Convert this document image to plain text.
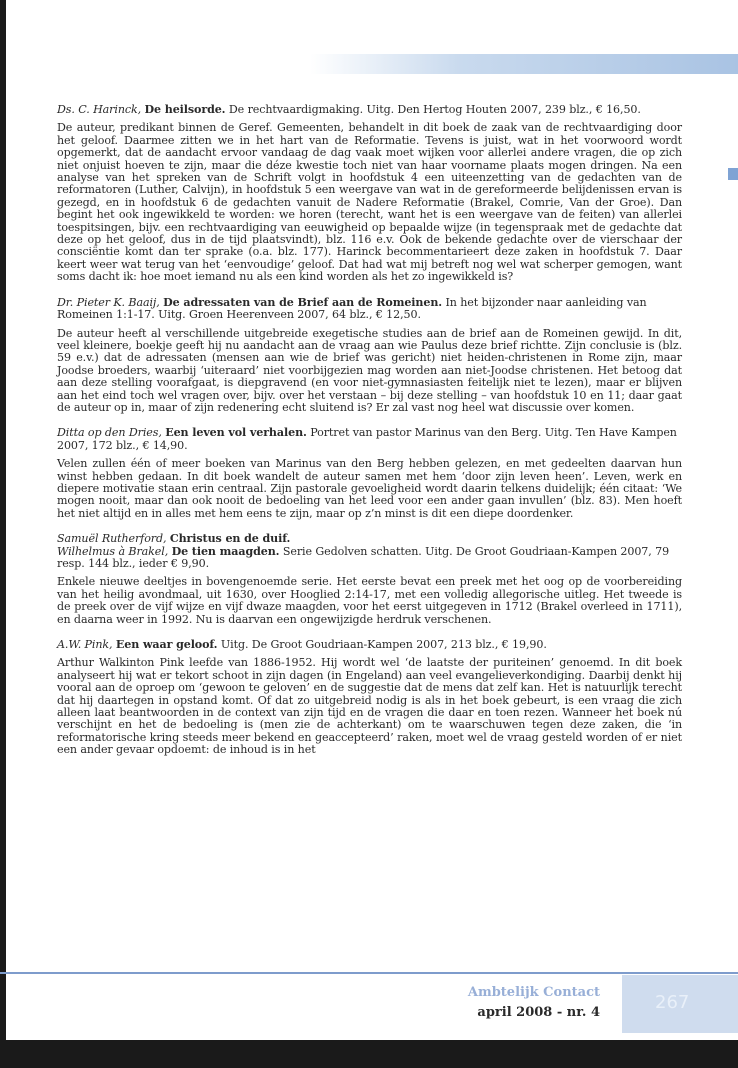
Ds. C. Harinck, De heilsorde. De rechtvaardigmaking. Uitg. Den Hertog Houten 2007, 239 blz., € 16,50.

De auteur, predikant binnen de Geref. Gemeenten, behandelt in dit boek de zaak van de rechtvaardiging door het geloof. Daarmee zitten we in het hart van de Reformatie. Tevens is juist, wat in het voorwoord wordt opgemerkt, dat de aandacht ervoor vandaag de dag vaak moet wijken voor allerlei andere vragen, die op zich niet onjuist hoeven te zijn, maar die déze kwestie toch niet van haar voorname plaats mogen dringen. Na een analyse van het spreken van de Schrift volgt in hoofdstuk 4 een uiteenzetting van de gedachten van de reformatoren (Luther, Calvijn), in hoofdstuk 5 een weergave van wat in de gereformeerde belijdenissen ervan is gezegd, en in hoofdstuk 6 de gedachten vanuit de Nadere Reformatie (Brakel, Comrie, Van der Groe). Dan begint het ook ingewikkeld te worden: we horen (terecht, want het is een weergave van de feiten) van allerlei toespitsingen, bijv. een rechtvaardiging van eeuwigheid op bepaalde wijze (in tegenspraak met de gedachte dat deze op het geloof, dus in de tijd plaatsvindt), blz. 116 e.v. Ook de bekende gedachte over de vierschaar der consciëntie komt dan ter sprake (o.a. blz. 177). Harinck becommentarieert deze zaken in hoofdstuk 7. Daar keert weer wat terug van het ‘eenvoudige’ geloof. Dat had wat mij betreft nog wel wat scherper gemogen, want soms dacht ik: hoe moet iemand nu als een kind worden als het zo ingewikkeld is?

Dr. Pieter K. Baaij, De adressaten van de Brief aan de Romeinen. In het bijzonder naar aanleiding van Romeinen 1:1-17. Uitg. Groen Heerenveen 2007, 64 blz., € 12,50.

De auteur heeft al verschillende uitgebreide exegetische studies aan de brief aan de Romeinen gewijd. In dit, veel kleinere, boekje geeft hij nu aandacht aan de vraag aan wie Paulus deze brief richtte. Zijn conclusie is (blz. 59 e.v.) dat de adressaten (mensen aan wie de brief was gericht) niet heiden-christenen in Rome zijn, maar Joodse broeders, waarbij ‘uiteraard’ niet voorbijgezien mag worden aan niet-Joodse christenen. Het betoog dat aan deze stelling voorafgaat, is diepgravend (en voor niet-gymnasiasten feitelijk niet te lezen), maar er blijven aan het eind toch wel vragen over, bijv. over het verstaan – bij deze stelling – van hoofdstuk 10 en 11; daar gaat de auteur op in, maar of zijn redenering echt sluitend is? Er zal vast nog heel wat discussie over komen.

Ditta op den Dries, Een leven vol verhalen. Portret van pastor Marinus van den Berg. Uitg. Ten Have Kampen 2007, 172 blz., € 14,90.

Velen zullen één of meer boeken van Marinus van den Berg hebben gelezen, en met gedeelten daarvan hun winst hebben gedaan. In dit boek wandelt de auteur samen met hem ‘door zijn leven heen’. Leven, werk en diepere motivatie staan erin centraal. Zijn pastorale gevoeligheid wordt daarin telkens duidelijk; één citaat: ‘We mogen nooit, maar dan ook nooit de bedoeling van het leed voor een ander gaan invullen’ (blz. 83). Men hoeft het niet altijd en in alles met hem eens te zijn, maar op z’n minst is dit een diepe doordenker.

Samuël Rutherford, Christus en de duif.

Wilhelmus à Brakel, De tien maagden. Serie Gedolven schatten. Uitg. De Groot Goudriaan-Kampen 2007, 79 resp. 144 blz., ieder € 9,90.

Enkele nieuwe deeltjes in bovengenoemde serie. Het eerste bevat een preek met het oog op de voorbereiding van het heilig avondmaal, uit 1630, over Hooglied 2:14-17, met een volledig allegorische uitleg. Het tweede is de preek over de vijf wijze en vijf dwaze maagden, voor het eerst uitgegeven in 1712 (Brakel overleed in 1711), en daarna weer in 1992. Nu is daarvan een ongewijzigde herdruk verschenen.

A.W. Pink, Een waar geloof. Uitg. De Groot Goudriaan-Kampen 2007, 213 blz., € 19,90.

Arthur Walkinton Pink leefde van 1886-1952. Hij wordt wel ‘de laatste der puriteinen’ genoemd. In dit boek analyseert hij wat er tekort schoot in zijn dagen (in Engeland) aan veel evangelieverkondiging. Daarbij denkt hij vooral aan de oproep om ‘gewoon te geloven’ en de suggestie dat de mens dat zelf kan. Het is natuurlijk terecht dat hij daartegen in opstand komt. Of dat zo uitgebreid nodig is als in het boek gebeurt, is een vraag die zich alleen laat beantwoorden in de context van zijn tijd en de vragen die daar en toen rezen. Wanneer het boek nú verschijnt en het de bedoeling is (men zie de achterkant) om te waarschuwen tegen deze zaken, die ‘in reformatorische kring steeds meer bekend en geaccepteerd’ raken, moet wel de vraag gesteld worden of er niet een ander gevaar opdoemt: de inhoud is in het

Ambtelijk Contact
april 2008 - nr. 4	267
